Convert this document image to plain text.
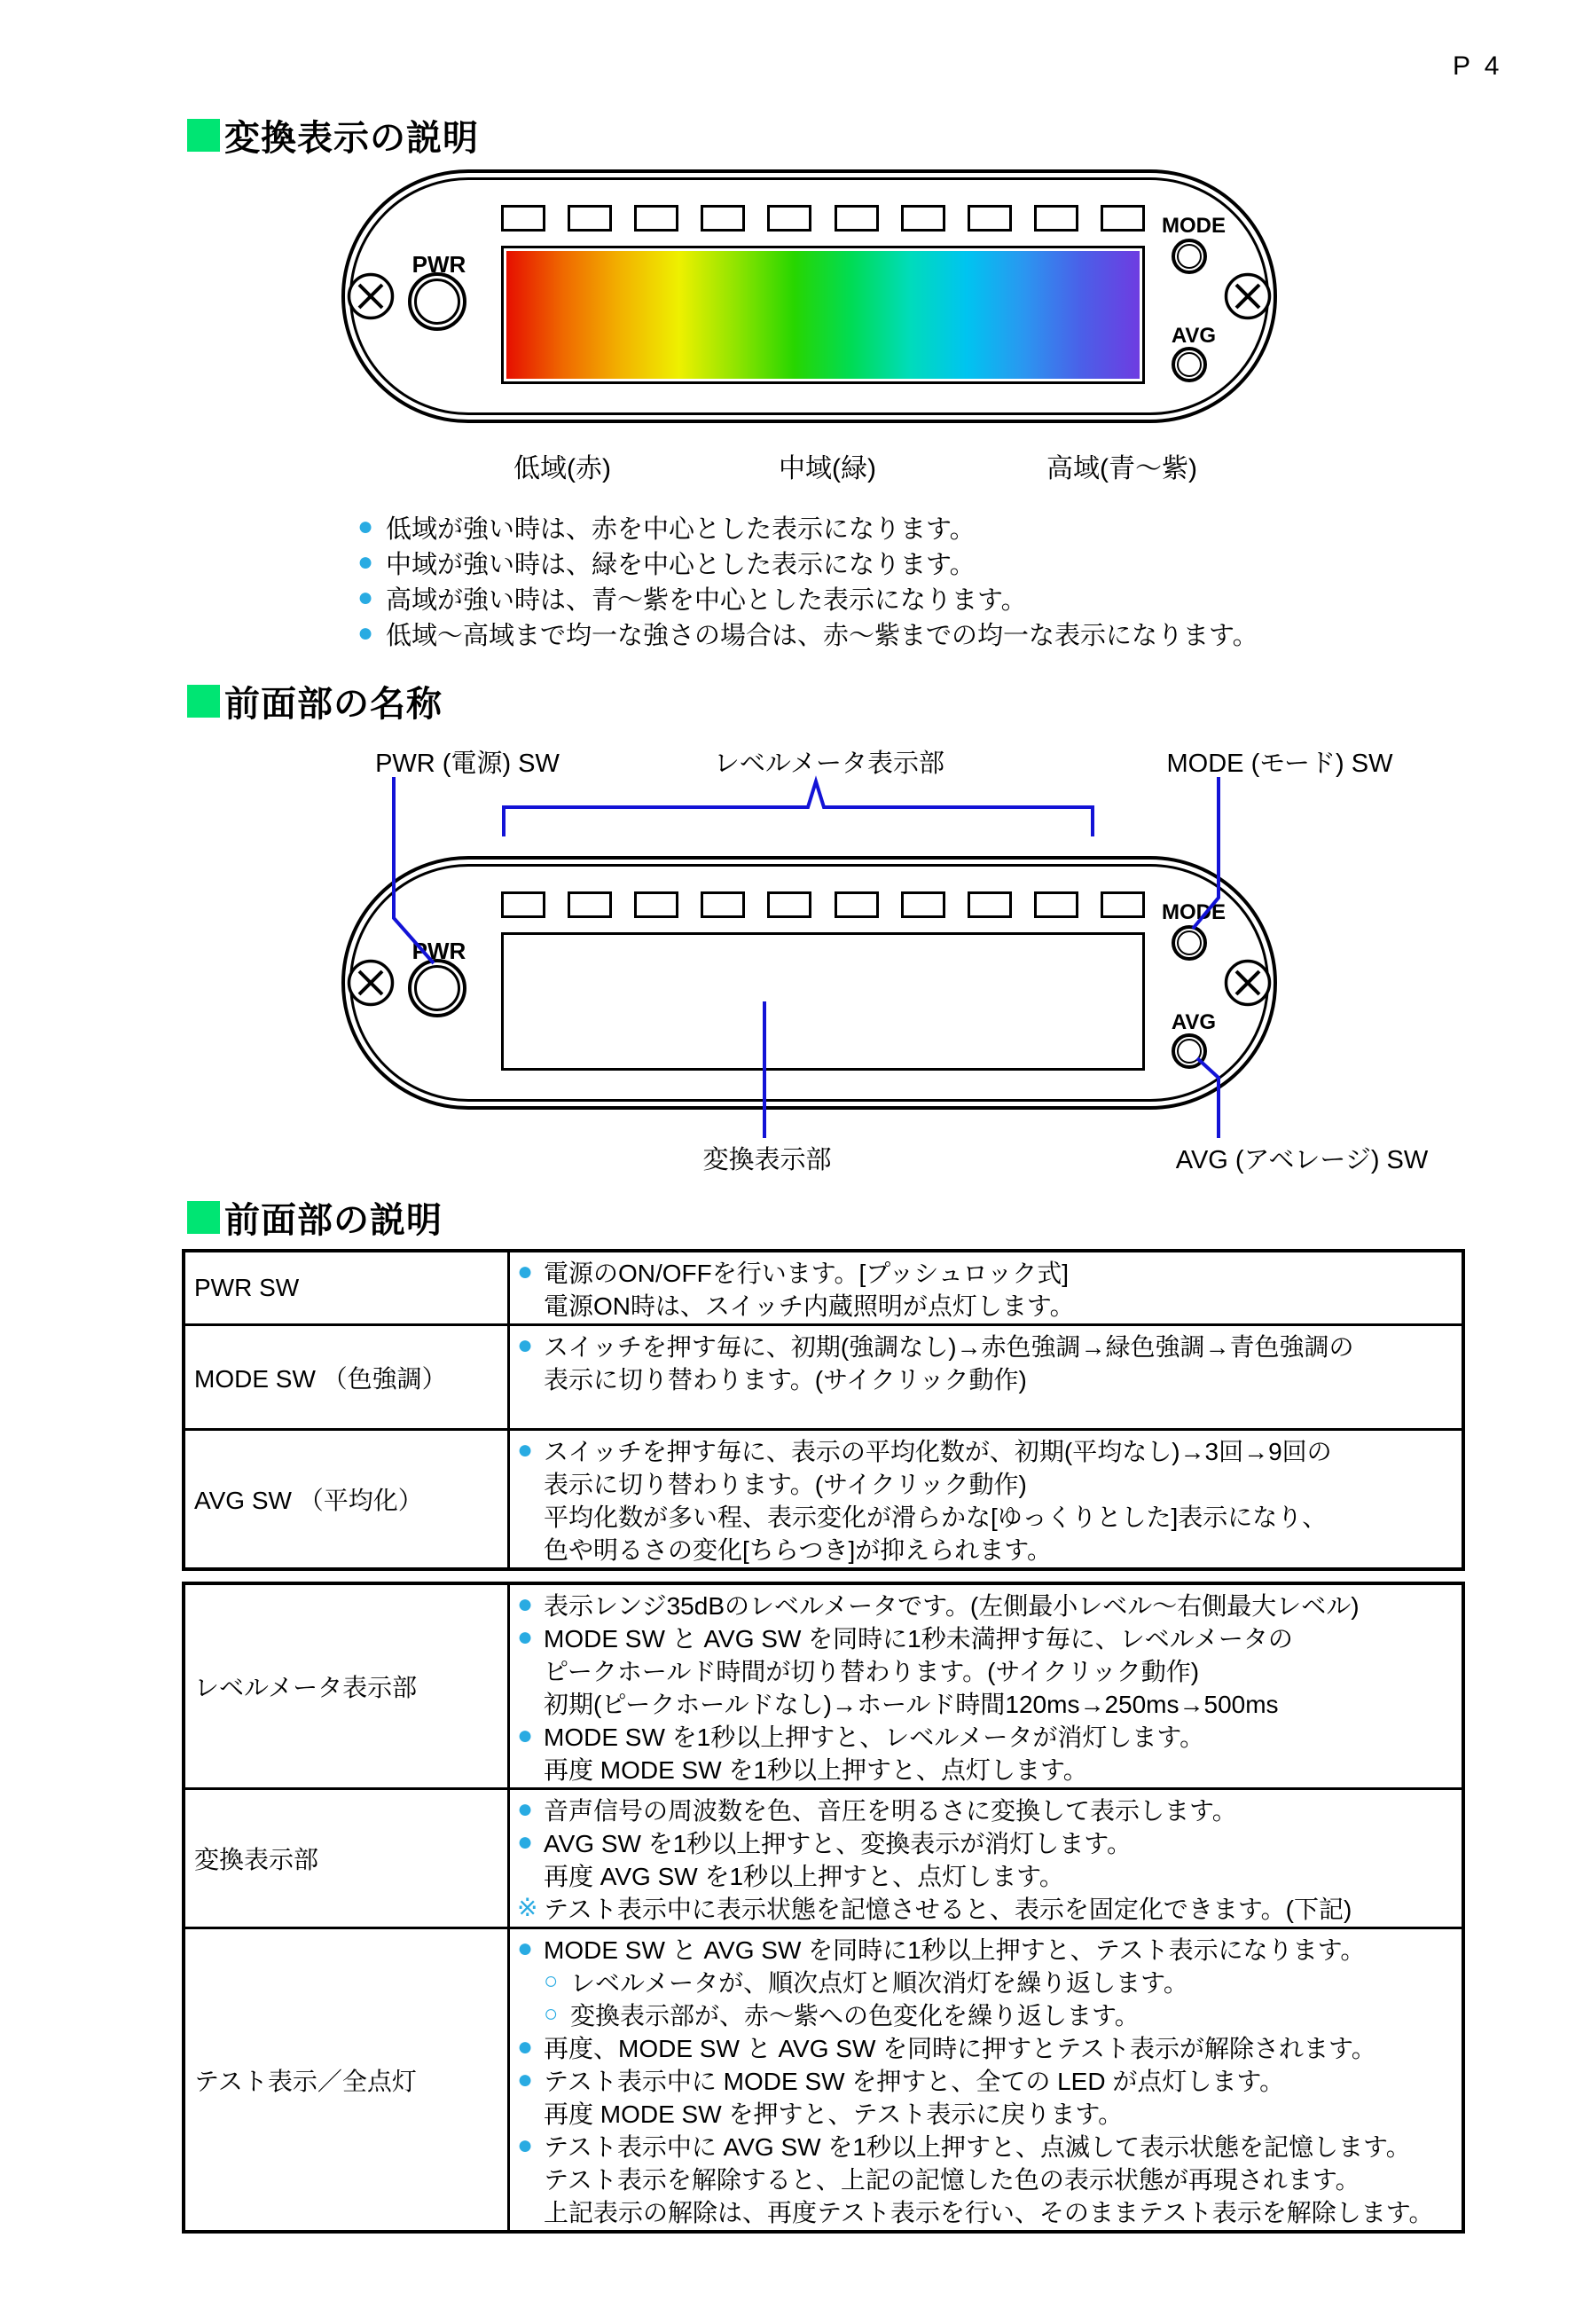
P 4
変換表示の説明
PWR
MODE
AVG
低域(赤)	中域(緑)	高域(青～紫)
● 低域が強い時は、赤を中心とした表示になります。
● 中域が強い時は、緑を中心とした表示になります。
● 高域が強い時は、青～紫を中心とした表示になります。
● 低域～高域まで均一な強さの場合は、赤～紫までの均一な表示になります。
前面部の名称
PWR (電源) SW	レベルメータ表示部	MODE (モード) SW
変換表示部	AVG (アベレージ) SW
PWR
MODE
AVG
前面部の説明
PWR SW	● 電源のON/OFFを行います。[プッシュロック式]
電源ON時は、スイッチ内蔵照明が点灯します。

MODE SW （色強調）	● スイッチを押す毎に、初期(強調なし)→赤色強調→緑色強調→青色強調の
表示に切り替わります。(サイクリック動作)

AVG SW （平均化）	● スイッチを押す毎に、表示の平均化数が、初期(平均なし)→3回→9回の
表示に切り替わります。(サイクリック動作)
平均化数が多い程、表示変化が滑らかな[ゆっくりとした]表示になり、
色や明るさの変化[ちらつき]が抑えられます。
レベルメータ表示部	
● 表示レンジ35dBのレベルメータです。(左側最小レベル～右側最大レベル)
● MODE SW と AVG SW を同時に1秒未満押す毎に、レベルメータの
ピークホールド時間が切り替わります。(サイクリック動作)
初期(ピークホールドなし)→ホールド時間120ms→250ms→500ms
● MODE SW を1秒以上押すと、レベルメータが消灯します。
再度 MODE SW を1秒以上押すと、点灯します。

変換表示部	
● 音声信号の周波数を色、音圧を明るさに変換して表示します。
● AVG SW を1秒以上押すと、変換表示が消灯します。
再度 AVG SW を1秒以上押すと、点灯します。
※ テスト表示中に表示状態を記憶させると、表示を固定化できます。(下記)

テスト表示／全点灯	
● MODE SW と AVG SW を同時に1秒以上押すと、テスト表示になります。
○ レベルメータが、順次点灯と順次消灯を繰り返します。
○ 変換表示部が、赤～紫への色変化を繰り返します。
● 再度、MODE SW と AVG SW を同時に押すとテスト表示が解除されます。
● テスト表示中に MODE SW を押すと、全ての LED が点灯します。
再度 MODE SW を押すと、テスト表示に戻ります。
● テスト表示中に AVG SW を1秒以上押すと、点滅して表示状態を記憶します。
テスト表示を解除すると、上記の記憶した色の表示状態が再現されます。
上記表示の解除は、再度テスト表示を行い、そのままテスト表示を解除します。
